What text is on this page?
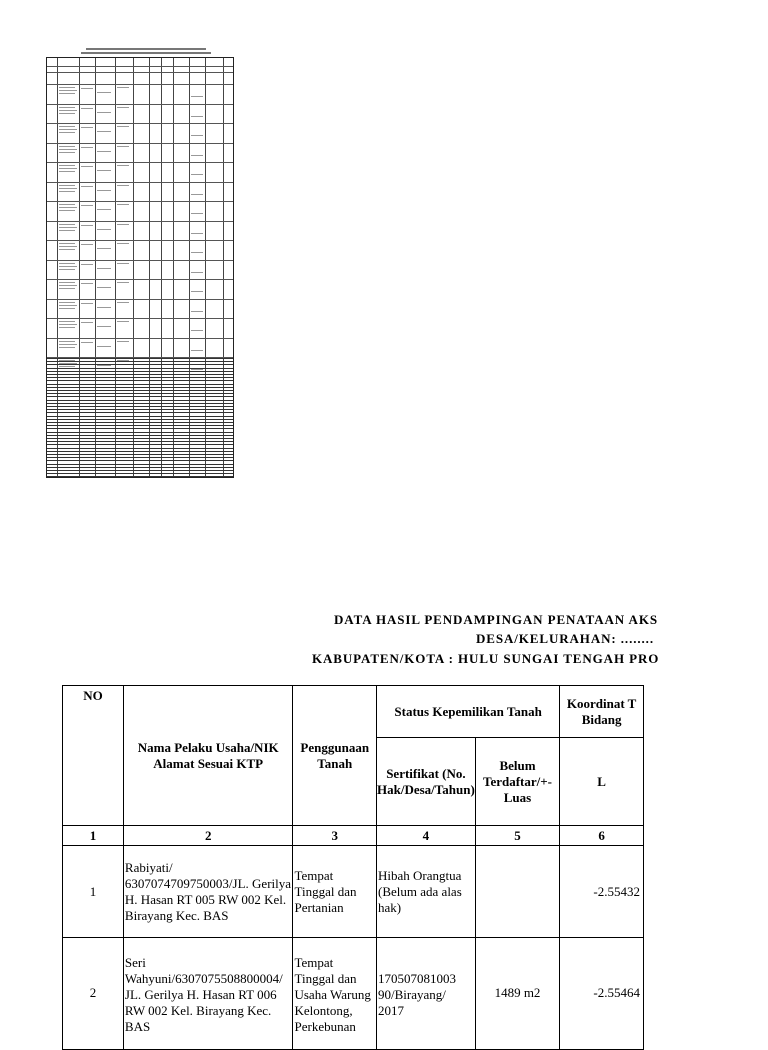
DATA HASIL PENDAMPINGAN PENATAAN AKS
DESA/KELURAHAN: ........
KABUPATEN/KOTA : HULU SUNGAI TENGAH PRO
NO	Nama Pelaku Usaha/NIK Alamat Sesuai KTP	Penggunaan Tanah	Status Kepemilikan Tanah		Koordinat T Bidang

			Sertifikat (No. Hak/Desa/Tahun)	Belum Terdaftar/+- Luas	L
1	2	3	4	5	6
1	Rabiyati/ 6307074709750003/JL. Gerilya H. Hasan RT 005 RW 002 Kel. Birayang Kec. BAS	Tempat Tinggal dan Pertanian	Hibah Orangtua (Belum ada alas hak)		-2.55432
2	Seri Wahyuni/6307075508800004/ JL. Gerilya H. Hasan RT 006 RW 002 Kel. Birayang Kec. BAS	Tempat Tinggal dan Usaha Warung Kelontong, Perkebunan	170507081003 90/Birayang/ 2017	1489 m2	-2.55464
